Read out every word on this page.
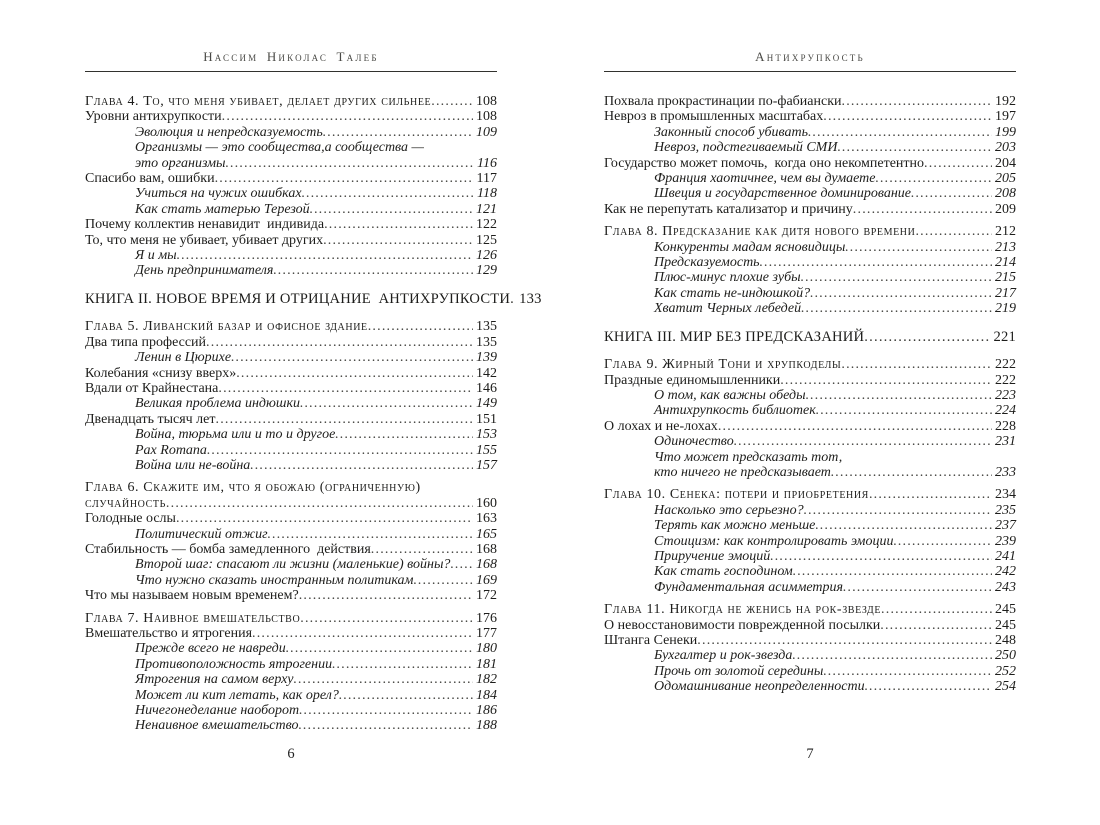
Нассим Николас Талеб
Глава 4. То, что меня убивает, делает других сильнее .....	108
Уровни антихрупкости .....	108
Эволюция и непредсказуемость .....	109
Организмы — это сообщества,а сообщества —
это организмы .....	116
Спасибо вам, ошибки .....	117
Учиться на чужих ошибках .....	118
Как стать матерью Терезой .....	121
Почему коллектив ненавидит  индивида .....	122
То, что меня не убивает, убивает других .....	125
Я и мы .....	126
День предпринимателя .....	129
КНИГА II. НОВОЕ ВРЕМЯ И ОТРИЦАНИЕ  АНТИХРУПКОСТИ ..... 133
Глава 5. Ливанский базар и офисное здание .....	135
Два типа профессий .....	135
Ленин в Цюрихе .....	139
Колебания «снизу вверх» .....	142
Вдали от Крайнестана .....	146
Великая проблема индюшки .....	149
Двенадцать тысяч лет .....	151
Война, тюрьма или и то и другое .....	153
Pax Romana .....	155
Война или не-война .....	157
Глава 6. Скажите им, что я обожаю (ограниченную)
случайность .....	160
Голодные ослы .....	163
Политический отжиг .....	165
Стабильность — бомба замедленного  действия .....	168
Второй шаг: спасают ли жизни (маленькие) войны? ..... 168
Что нужно сказать иностранным политикам .....	169
Что мы называем новым временем? .....	172
Глава 7. Наивное вмешательство .....	176
Вмешательство и ятрогения .....	177
Прежде всего не навреди .....	180
Противоположность ятрогении .....	181
Ятрогения на самом верху .....	182
Может ли кит летать, как орел? .....	184
Ничегонеделание наоборот .....	186
Ненаивное вмешательство .....	188
6
Антихрупкость
Похвала прокрастинации по-фабиански .....	192
Невроз в промышленных масштабах .....	197
Законный способ убивать .....	199
Невроз, подстегиваемый СМИ .....	203
Государство может помочь,  когда оно некомпетентно .....	204
Франция хаотичнее, чем вы думаете .....	205
Швеция и государственное доминирование .....	208
Как не перепутать катализатор и причину .....	209
Глава 8. Предсказание как дитя нового времени .....	212
Конкуренты мадам ясновидицы .....	213
Предсказуемость .....	214
Плюс-минус плохие зубы .....	215
Как стать не-индюшкой? .....	217
Хватит Черных лебедей .....	219
КНИГА III. МИР БЕЗ ПРЕДСКАЗАНИЙ .....	221
Глава 9. Жирный Тони и хрупкоделы .....	222
Праздные единомышленники .....	222
О том, как важны обеды .....	223
Антихрупкость библиотек .....	224
О лохах и не-лохах .....	228
Одиночество .....	231
Что может предсказать тот,
кто ничего не предсказывает .....	233
Глава 10. Сенека: потери и приобретения .....	234
Насколько это серьезно? .....	235
Терять как можно меньше .....	237
Стоицизм: как контролировать эмоции .....	239
Приручение эмоций .....	241
Как стать господином .....	242
Фундаментальная асимметрия .....	243
Глава 11. Никогда не женись на рок-звезде .....	245
О невосстановимости поврежденной посылки .....	245
Штанга Сенеки .....	248
Бухгалтер и рок-звезда .....	250
Прочь от золотой середины .....	252
Одомашнивание неопределенности .....	254
7
